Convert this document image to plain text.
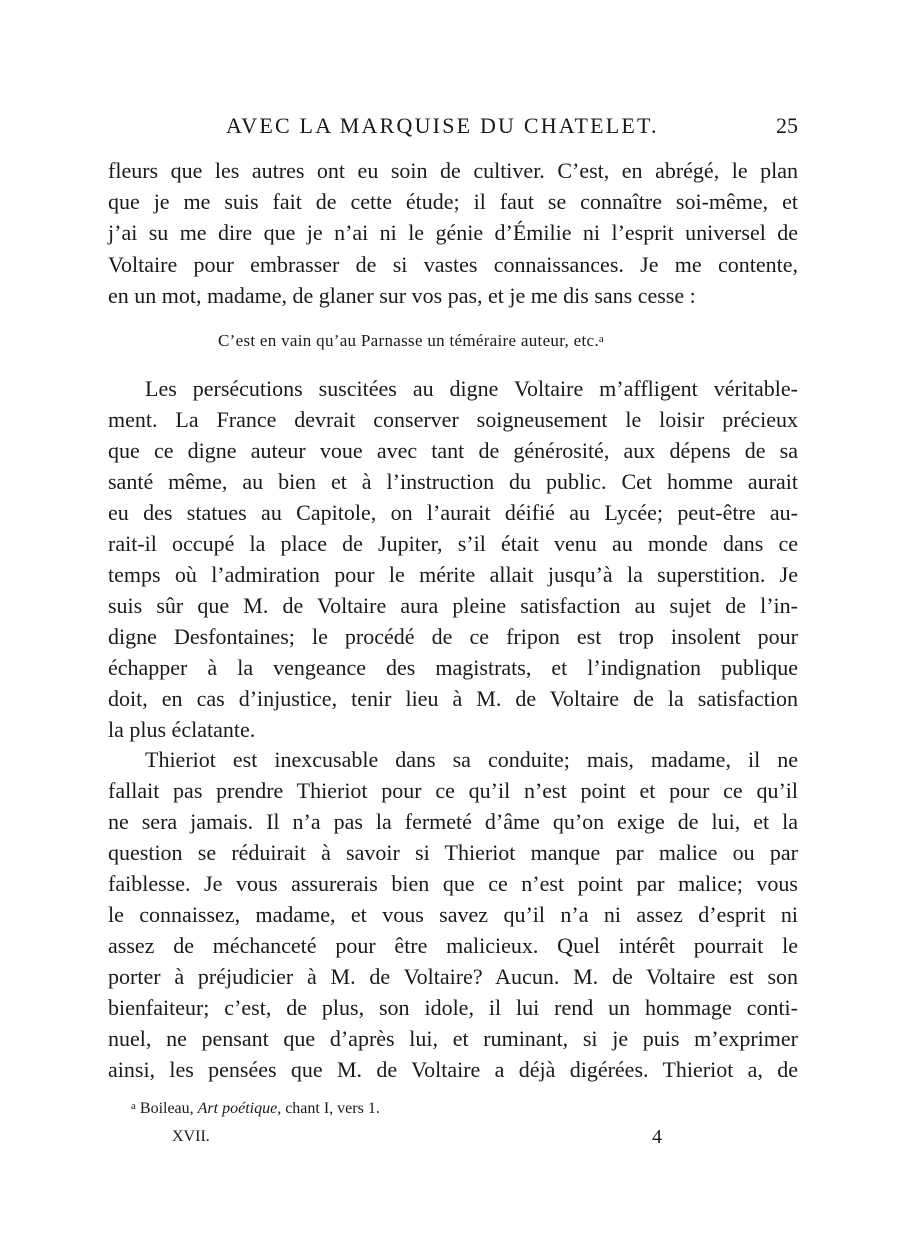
AVEC LA MARQUISE DU CHATELET.	25
fleurs que les autres ont eu soin de cultiver. C’est, en abrégé, le plan
que je me suis fait de cette étude; il faut se connaître soi-même, et
j’ai su me dire que je n’ai ni le génie d’Émilie ni l’esprit universel de
Voltaire pour embrasser de si vastes connaissances. Je me contente,
en un mot, madame, de glaner sur vos pas, et je me dis sans cesse :
C’est en vain qu’au Parnasse un téméraire auteur, etc.$^a$
Les persécutions suscitées au digne Voltaire m’affligent véritable-
ment. La France devrait conserver soigneusement le loisir précieux
que ce digne auteur voue avec tant de générosité, aux dépens de sa
santé même, au bien et à l’instruction du public. Cet homme aurait
eu des statues au Capitole, on l’aurait déifié au Lycée; peut-être au-
rait-il occupé la place de Jupiter, s’il était venu au monde dans ce
temps où l’admiration pour le mérite allait jusqu’à la superstition. Je
suis sûr que M. de Voltaire aura pleine satisfaction au sujet de l’in-
digne Desfontaines; le procédé de ce fripon est trop insolent pour
échapper à la vengeance des magistrats, et l’indignation publique
doit, en cas d’injustice, tenir lieu à M. de Voltaire de la satisfaction
la plus éclatante.
Thieriot est inexcusable dans sa conduite; mais, madame, il ne
fallait pas prendre Thieriot pour ce qu’il n’est point et pour ce qu’il
ne sera jamais. Il n’a pas la fermeté d’âme qu’on exige de lui, et la
question se réduirait à savoir si Thieriot manque par malice ou par
faiblesse. Je vous assurerais bien que ce n’est point par malice; vous
le connaissez, madame, et vous savez qu’il n’a ni assez d’esprit ni
assez de méchanceté pour être malicieux. Quel intérêt pourrait le
porter à préjudicier à M. de Voltaire? Aucun. M. de Voltaire est son
bienfaiteur; c’est, de plus, son idole, il lui rend un hommage conti-
nuel, ne pensant que d’après lui, et ruminant, si je puis m’exprimer
ainsi, les pensées que M. de Voltaire a déjà digérées. Thieriot a, de
$^a$ Boileau, Art poétique, chant I, vers 1.
XVII.	4
